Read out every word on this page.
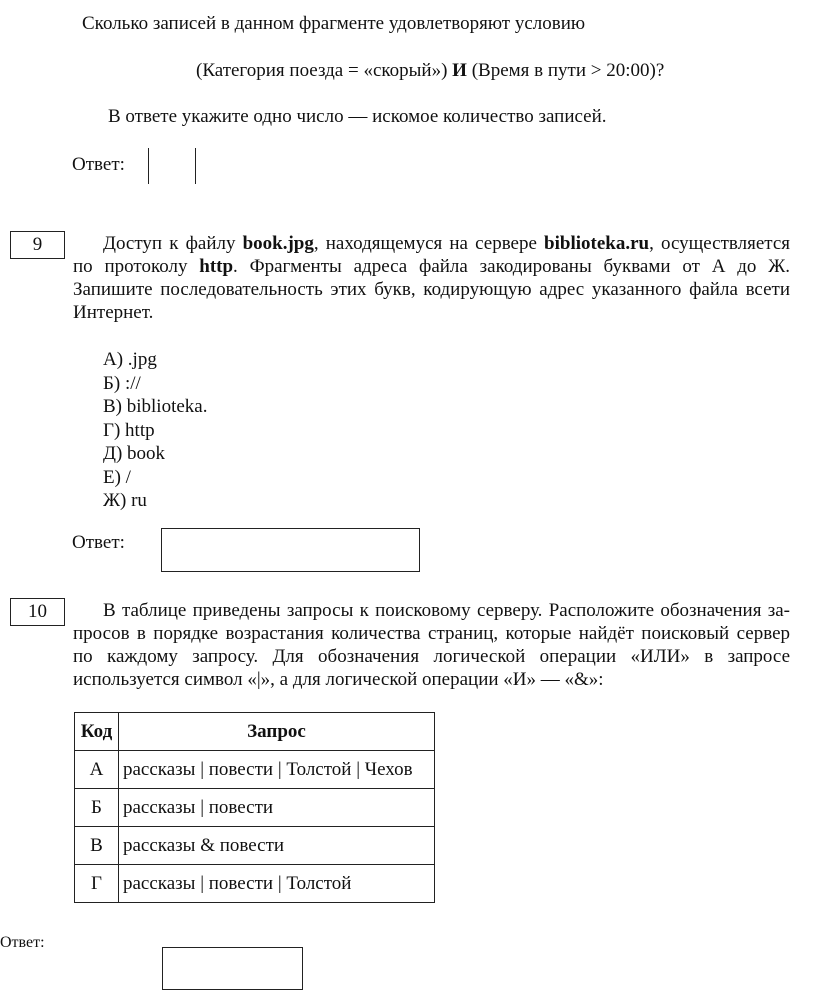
Сколько записей в данном фрагменте удовлетворяют условию
(Категория поезда = «скорый») И (Время в пути > 20:00)?
В ответе укажите одно число — искомое количество записей.
Ответ:
9	Доступ к файлу book.jpg, находящемуся на сервере biblioteka.ru, осуществляется по протоколу http. Фрагменты адреса файла закодированы буквами от А до Ж. Запишите последовательность этих букв, кодирующую адрес указанного файла всети Интернет.
А) .jpg
Б) ://
В) biblioteka.
Г) http
Д) book
Е) /
Ж) ru
Ответ:
10	В таблице приведены запросы к поисковому серверу. Расположите обозначения за-просов в порядке возрастания количества страниц, которые найдёт поисковый сервер по каждому запросу. Для обозначения логической операции «ИЛИ» в запросе используется символ «|», а для логической операции «И» — «&»:
Код	Запрос
А	рассказы | повести | Толстой | Чехов
Б	рассказы | повести
В	рассказы & повести
Г	рассказы | повести | Толстой
Ответ:
